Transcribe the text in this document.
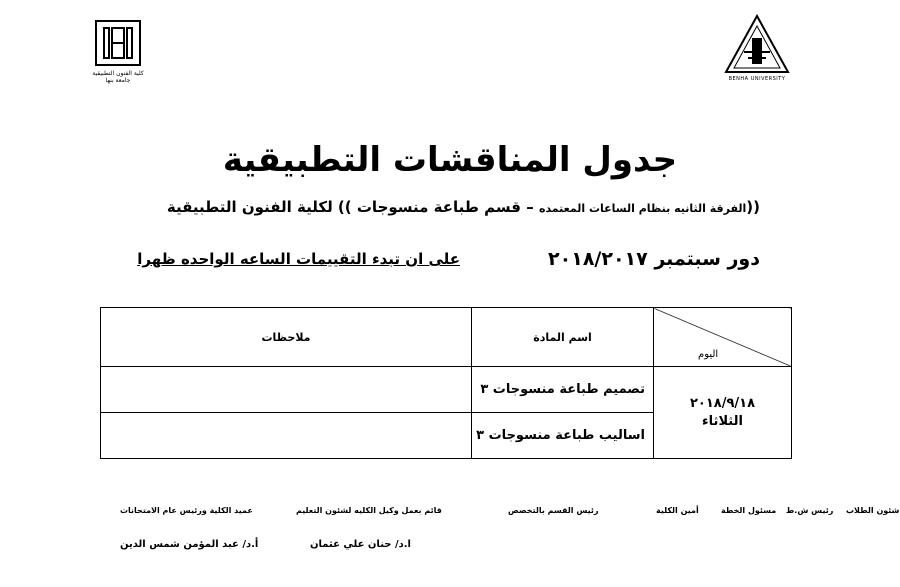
كلية الفنون التطبيقية
جامعة بنها	BENHA UNIVERSITY
جدول المناقشات التطبيقية
((الفرقة الثانيه بنظام الساعات المعتمده – قسم طباعة منسوجات )) لكلية الفنون التطبيقية
دور سبتمبر ٢٠١٨/٢٠١٧
على ان تبدء التقييمات الساعه الواحده ظهرا
اليوم	اسم المادة	ملاحظات

٢٠١٨/٩/١٨
الثلاثاء	تصميم طباعة منسوجات ٣	
	اساليب طباعة منسوجات ٣	
شئون الطلاب
رئيس ش.ط
مسئول الخطة
أمين الكلية
رئيس القسم بالتخصص
قائم بعمل وكيل الكليه لشئون التعليم
عميد الكلية ورئيس عام الامتحانات
ا.د/ حنان علي عثمان
أ.د/ عبد المؤمن شمس الدين
